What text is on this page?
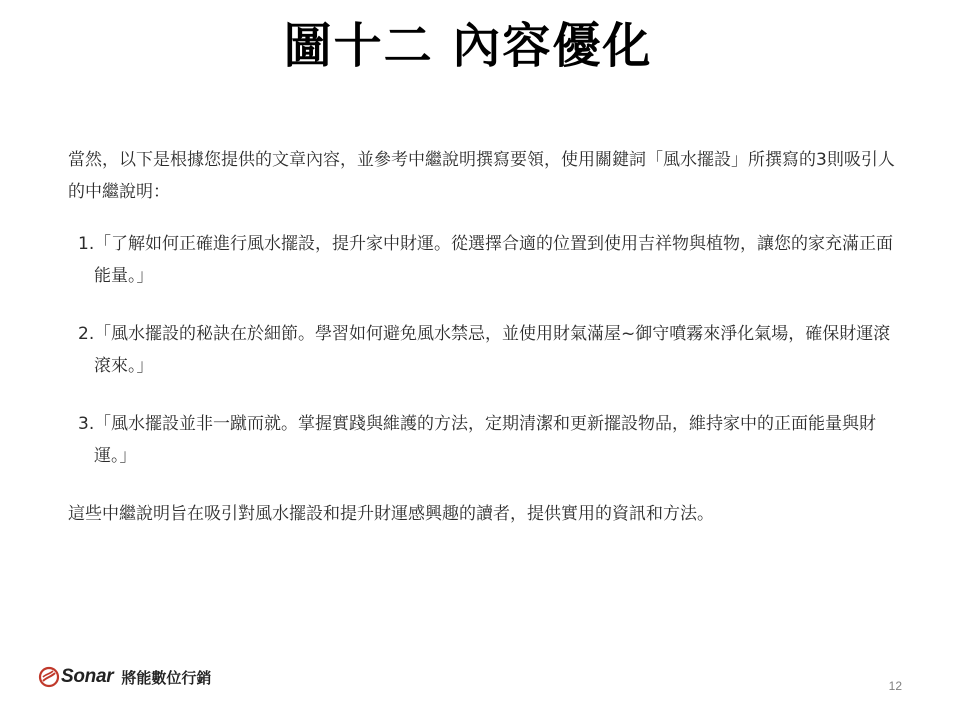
圖十二 內容優化

當然，以下是根據您提供的文章內容，並參考中繼說明撰寫要領，使用關鍵詞「風水擺設」所撰寫的3則吸引人的中繼說明：

1. 「了解如何正確進行風水擺設，提升家中財運。從選擇合適的位置到使用吉祥物與植物，讓您的家充滿正面能量。」
2. 「風水擺設的秘訣在於細節。學習如何避免風水禁忌，並使用財氣滿屋~御守噴霧來淨化氣場，確保財運滾滾來。」
3. 「風水擺設並非一蹴而就。掌握實踐與維護的方法，定期清潔和更新擺設物品，維持家中的正面能量與財運。」

這些中繼說明旨在吸引對風水擺設和提升財運感興趣的讀者，提供實用的資訊和方法。

Sonar 將能數位行銷	12
